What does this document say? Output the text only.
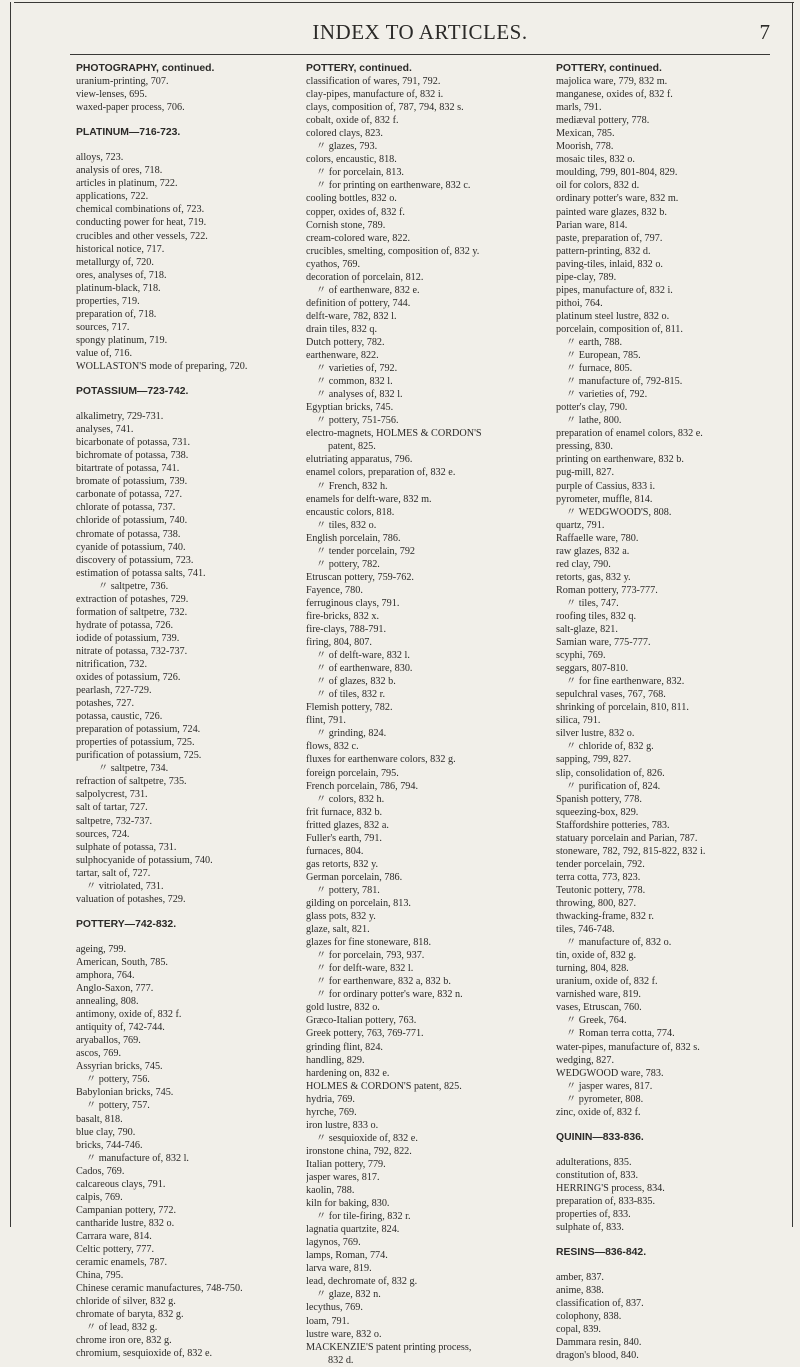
INDEX TO ARTICLES.	7
PHOTOGRAPHY, continued.
uranium-printing, 707.
view-lenses, 695.
waxed-paper process, 706.
PLATINUM—716-723.
alloys, 723.
analysis of ores, 718.
articles in platinum, 722.
applications, 722.
chemical combinations of, 723.
conducting power for heat, 719.
crucibles and other vessels, 722.
historical notice, 717.
metallurgy of, 720.
ores, analyses of, 718.
platinum-black, 718.
properties, 719.
preparation of, 718.
sources, 717.
spongy platinum, 719.
value of, 716.
WOLLASTON'S mode of preparing, 720.
POTASSIUM—723-742.
alkalimetry, 729-731.
analyses, 741.
bicarbonate of potassa, 731.
bichromate of potassa, 738.
bitartrate of potassa, 741.
bromate of potassium, 739.
carbonate of potassa, 727.
chlorate of potassa, 737.
chloride of potassium, 740.
chromate of potassa, 738.
cyanide of potassium, 740.
discovery of potassium, 723.
estimation of potassa salts, 741.
〃 saltpetre, 736.
extraction of potashes, 729.
formation of saltpetre, 732.
hydrate of potassa, 726.
iodide of potassium, 739.
nitrate of potassa, 732-737.
nitrification, 732.
oxides of potassium, 726.
pearlash, 727-729.
potashes, 727.
potassa, caustic, 726.
preparation of potassium, 724.
properties of potassium, 725.
purification of potassium, 725.
〃 saltpetre, 734.
refraction of saltpetre, 735.
salpolycrest, 731.
salt of tartar, 727.
saltpetre, 732-737.
sources, 724.
sulphate of potassa, 731.
sulphocyanide of potassium, 740.
tartar, salt of, 727.
〃 vitriolated, 731.
valuation of potashes, 729.
POTTERY—742-832.
ageing, 799.
American, South, 785.
amphora, 764.
Anglo-Saxon, 777.
annealing, 808.
antimony, oxide of, 832 f.
antiquity of, 742-744.
aryaballos, 769.
ascos, 769.
Assyrian bricks, 745.
〃 pottery, 756.
Babylonian bricks, 745.
〃 pottery, 757.
basalt, 818.
blue clay, 790.
bricks, 744-746.
〃 manufacture of, 832 l.
Cados, 769.
calcareous clays, 791.
calpis, 769.
Campanian pottery, 772.
cantharide lustre, 832 o.
Carrara ware, 814.
Celtic pottery, 777.
ceramic enamels, 787.
China, 795.
Chinese ceramic manufactures, 748-750.
chloride of silver, 832 g.
chromate of baryta, 832 g.
〃 of lead, 832 g.
chrome iron ore, 832 g.
chromium, sesquioxide of, 832 e.
POTTERY, continued.
classification of wares, 791, 792.
clay-pipes, manufacture of, 832 i.
clays, composition of, 787, 794, 832 s.
cobalt, oxide of, 832 f.
colored clays, 823.
〃 glazes, 793.
colors, encaustic, 818.
〃 for porcelain, 813.
〃 for printing on earthenware, 832 c.
cooling bottles, 832 o.
copper, oxides of, 832 f.
Cornish stone, 789.
cream-colored ware, 822.
crucibles, smelting, composition of, 832 y.
cyathos, 769.
decoration of porcelain, 812.
〃 of earthenware, 832 e.
definition of pottery, 744.
delft-ware, 782, 832 l.
drain tiles, 832 q.
Dutch pottery, 782.
earthenware, 822.
〃 varieties of, 792.
〃 common, 832 l.
〃 analyses of, 832 l.
Egyptian bricks, 745.
〃 pottery, 751-756.
electro-magnets, HOLMES & CORDON'S
patent, 825.
elutriating apparatus, 796.
enamel colors, preparation of, 832 e.
〃 French, 832 h.
enamels for delft-ware, 832 m.
encaustic colors, 818.
〃 tiles, 832 o.
English porcelain, 786.
〃 tender porcelain, 792
〃 pottery, 782.
Etruscan pottery, 759-762.
Fayence, 780.
ferruginous clays, 791.
fire-bricks, 832 x.
fire-clays, 788-791.
firing, 804, 807.
〃 of delft-ware, 832 l.
〃 of earthenware, 830.
〃 of glazes, 832 b.
〃 of tiles, 832 r.
Flemish pottery, 782.
flint, 791.
〃 grinding, 824.
flows, 832 c.
fluxes for earthenware colors, 832 g.
foreign porcelain, 795.
French porcelain, 786, 794.
〃 colors, 832 h.
frit furnace, 832 b.
fritted glazes, 832 a.
Fuller's earth, 791.
furnaces, 804.
gas retorts, 832 y.
German porcelain, 786.
〃 pottery, 781.
gilding on porcelain, 813.
glass pots, 832 y.
glaze, salt, 821.
glazes for fine stoneware, 818.
〃 for porcelain, 793, 937.
〃 for delft-ware, 832 l.
〃 for earthenware, 832 a, 832 b.
〃 for ordinary potter's ware, 832 n.
gold lustre, 832 o.
Græco-Italian pottery, 763.
Greek pottery, 763, 769-771.
grinding flint, 824.
handling, 829.
hardening on, 832 e.
HOLMES & CORDON'S patent, 825.
hydria, 769.
hyrche, 769.
iron lustre, 833 o.
〃 sesquioxide of, 832 e.
ironstone china, 792, 822.
Italian pottery, 779.
jasper wares, 817.
kaolin, 788.
kiln for baking, 830.
〃 for tile-firing, 832 r.
lagnatia quartzite, 824.
lagynos, 769.
lamps, Roman, 774.
larva ware, 819.
lead, dechromate of, 832 g.
〃 glaze, 832 n.
lecythus, 769.
loam, 791.
lustre ware, 832 o.
MACKENZIE'S patent printing process,
832 d.
POTTERY, continued.
majolica ware, 779, 832 m.
manganese, oxides of, 832 f.
marls, 791.
mediæval pottery, 778.
Mexican, 785.
Moorish, 778.
mosaic tiles, 832 o.
moulding, 799, 801-804, 829.
oil for colors, 832 d.
ordinary potter's ware, 832 m.
painted ware glazes, 832 b.
Parian ware, 814.
paste, preparation of, 797.
pattern-printing, 832 d.
paving-tiles, inlaid, 832 o.
pipe-clay, 789.
pipes, manufacture of, 832 i.
pithoi, 764.
platinum steel lustre, 832 o.
porcelain, composition of, 811.
〃 earth, 788.
〃 European, 785.
〃 furnace, 805.
〃 manufacture of, 792-815.
〃 varieties of, 792.
potter's clay, 790.
〃 lathe, 800.
preparation of enamel colors, 832 e.
pressing, 830.
printing on earthenware, 832 b.
pug-mill, 827.
purple of Cassius, 833 i.
pyrometer, muffle, 814.
〃 WEDGWOOD'S, 808.
quartz, 791.
Raffaelle ware, 780.
raw glazes, 832 a.
red clay, 790.
retorts, gas, 832 y.
Roman pottery, 773-777.
〃 tiles, 747.
roofing tiles, 832 q.
salt-glaze, 821.
Samian ware, 775-777.
scyphi, 769.
seggars, 807-810.
〃 for fine earthenware, 832.
sepulchral vases, 767, 768.
shrinking of porcelain, 810, 811.
silica, 791.
silver lustre, 832 o.
〃 chloride of, 832 g.
sapping, 799, 827.
slip, consolidation of, 826.
〃 purification of, 824.
Spanish pottery, 778.
squeezing-box, 829.
Staffordshire potteries, 783.
statuary porcelain and Parian, 787.
stoneware, 782, 792, 815-822, 832 i.
tender porcelain, 792.
terra cotta, 773, 823.
Teutonic pottery, 778.
throwing, 800, 827.
thwacking-frame, 832 r.
tiles, 746-748.
〃 manufacture of, 832 o.
tin, oxide of, 832 g.
turning, 804, 828.
uranium, oxide of, 832 f.
varnished ware, 819.
vases, Etruscan, 760.
〃 Greek, 764.
〃 Roman terra cotta, 774.
water-pipes, manufacture of, 832 s.
wedging, 827.
WEDGWOOD ware, 783.
〃 jasper wares, 817.
〃 pyrometer, 808.
zinc, oxide of, 832 f.
QUININ—833-836.
adulterations, 835.
constitution of, 833.
HERRING'S process, 834.
preparation of, 833-835.
properties of, 833.
sulphate of, 833.
RESINS—836-842.
amber, 837.
anime, 838.
classification of, 837.
colophony, 838.
copal, 839.
Dammara resin, 840.
dragon's blood, 840.
